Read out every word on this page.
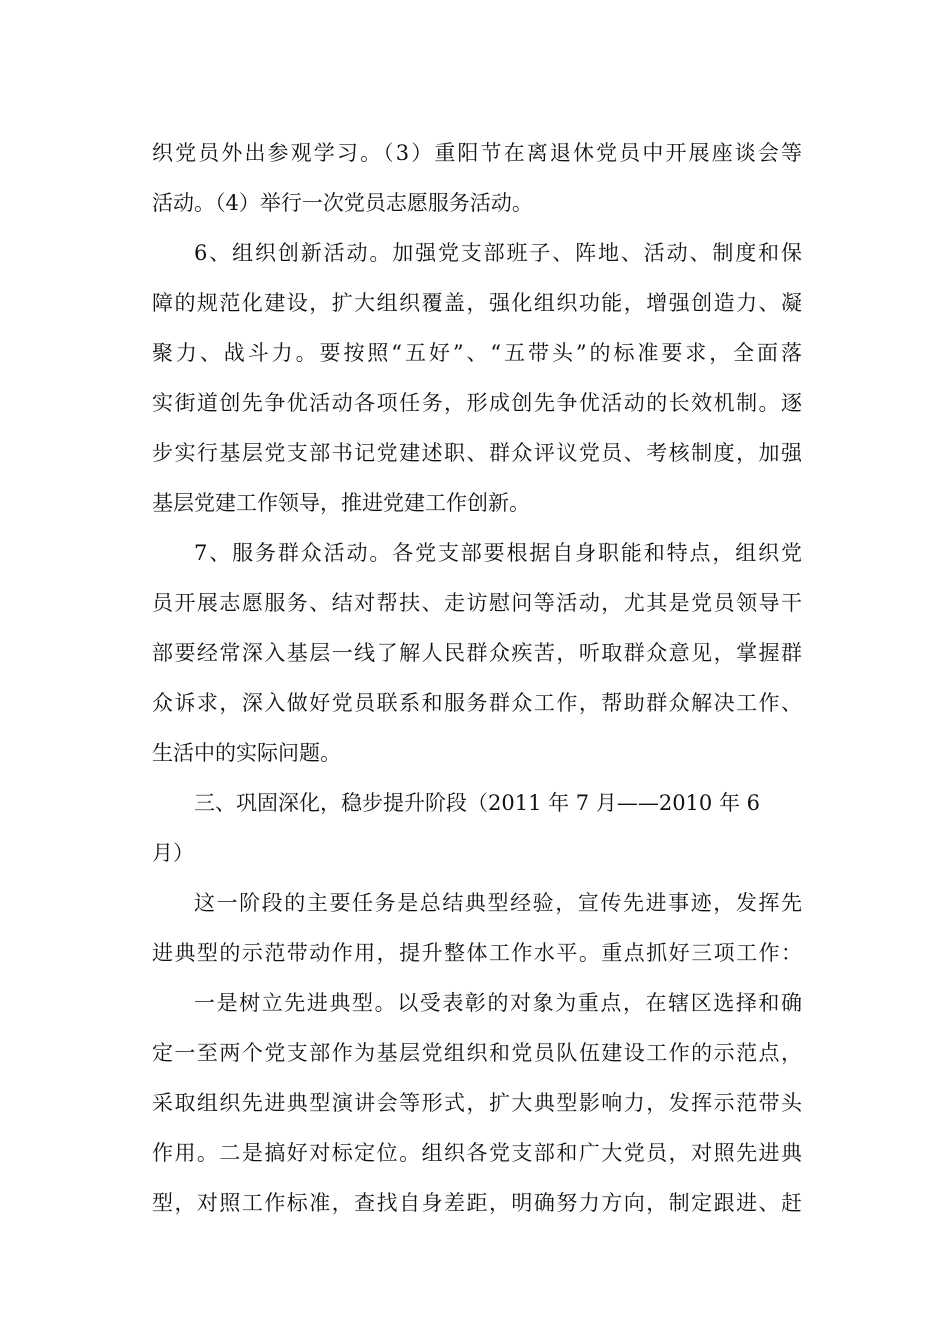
织党员外出参观学习。（3）重阳节在离退休党员中开展座谈会等
活动。（4）举行一次党员志愿服务活动。
6、组织创新活动。加强党支部班子、阵地、活动、制度和保
障的规范化建设，扩大组织覆盖，强化组织功能，增强创造力、凝
聚力、战斗力。要按照“五好”、“五带头”的标准要求，全面落
实街道创先争优活动各项任务，形成创先争优活动的长效机制。逐
步实行基层党支部书记党建述职、群众评议党员、考核制度，加强
基层党建工作领导，推进党建工作创新。
7、服务群众活动。各党支部要根据自身职能和特点，组织党
员开展志愿服务、结对帮扶、走访慰问等活动，尤其是党员领导干
部要经常深入基层一线了解人民群众疾苦，听取群众意见，掌握群
众诉求，深入做好党员联系和服务群众工作，帮助群众解决工作、
生活中的实际问题。
三、巩固深化，稳步提升阶段（2011 年 7 月——2010 年 6
月）
这一阶段的主要任务是总结典型经验，宣传先进事迹，发挥先
进典型的示范带动作用，提升整体工作水平。重点抓好三项工作：
一是树立先进典型。以受表彰的对象为重点，在辖区选择和确
定一至两个党支部作为基层党组织和党员队伍建设工作的示范点，
采取组织先进典型演讲会等形式，扩大典型影响力，发挥示范带头
作用。二是搞好对标定位。组织各党支部和广大党员，对照先进典
型，对照工作标准，查找自身差距，明确努力方向，制定跟进、赶
